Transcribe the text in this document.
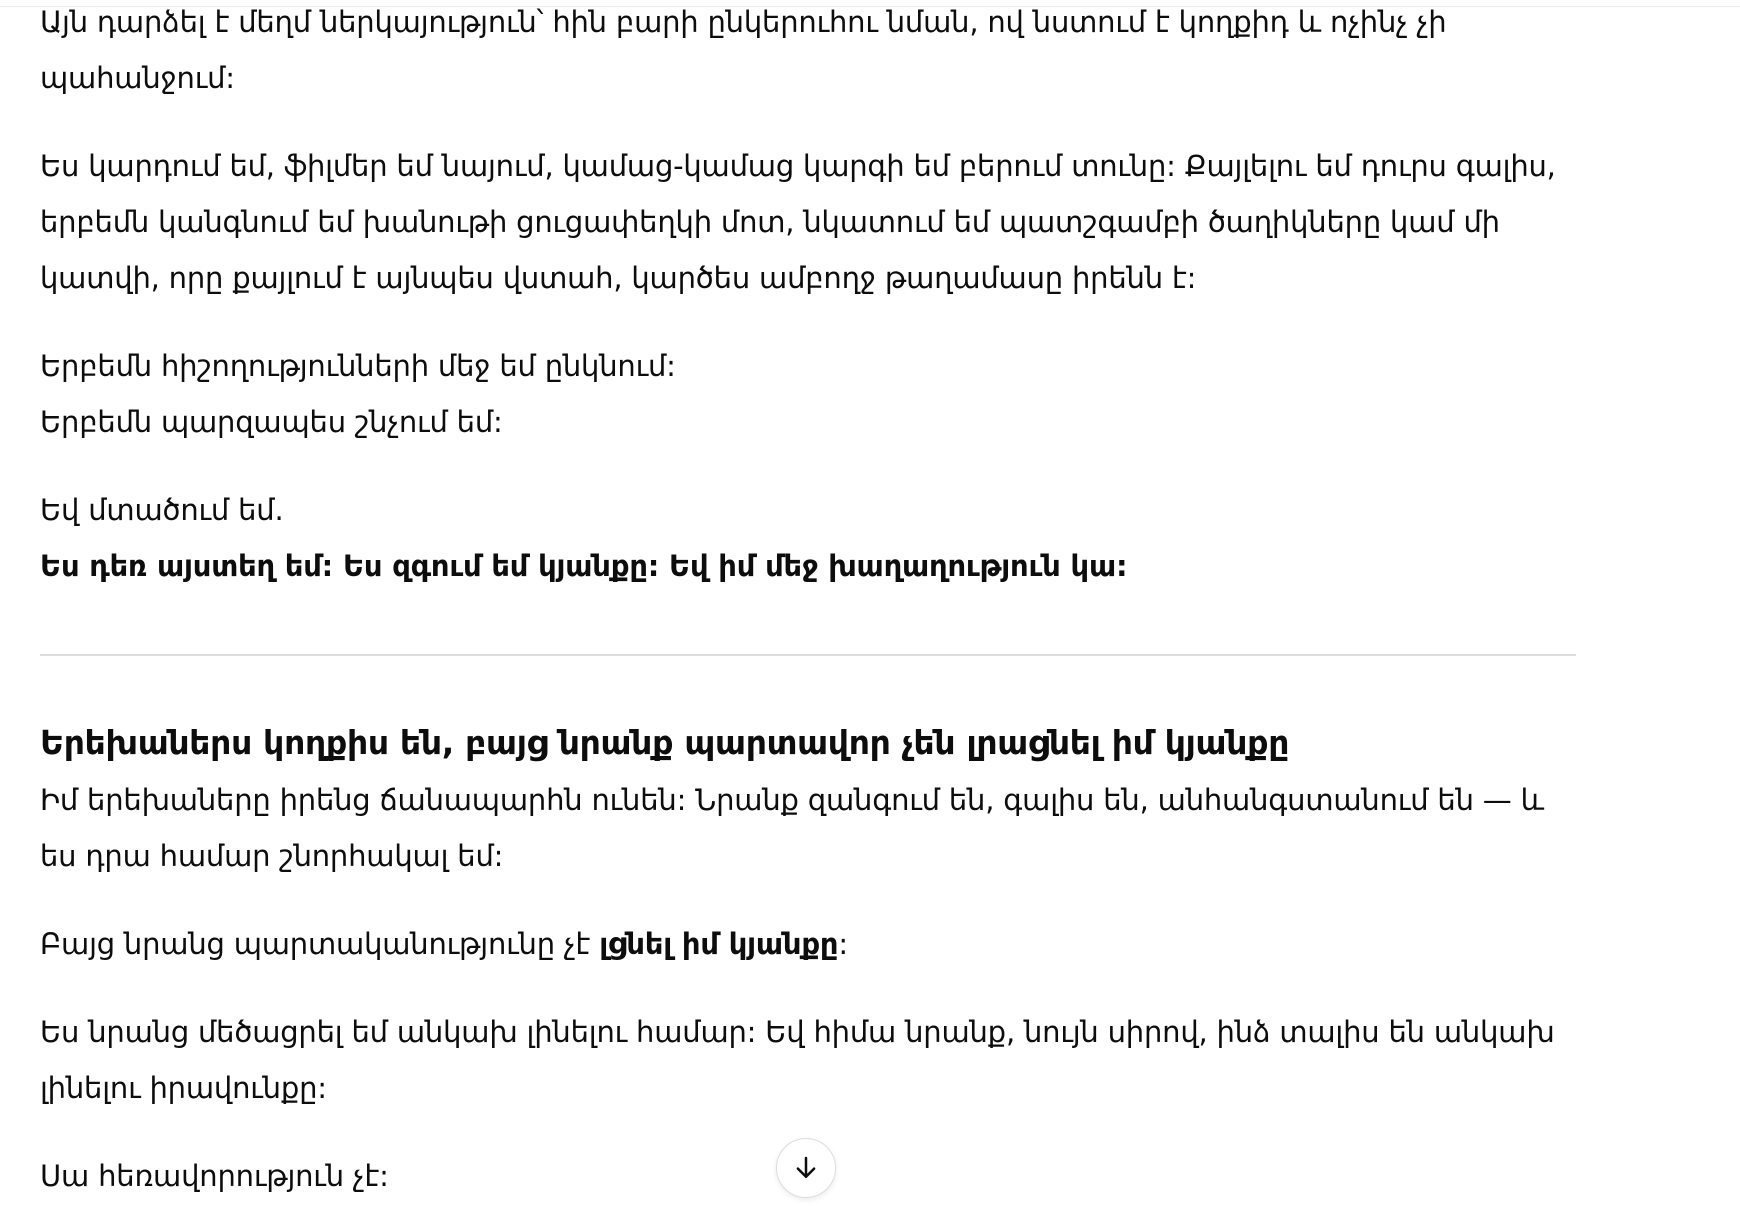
Այն դարձել է մեղմ ներկայություն՝ հին բարի ընկերուհու նման, ով նստում է կողքիդ և ոչինչ չի պահանջում:

Ես կարդում եմ, ֆիլմեր եմ նայում, կամաց-կամաց կարգի եմ բերում տունը: Քայլելու եմ դուրս գալիս, երբեմն կանգնում եմ խանութի ցուցափեղկի մոտ, նկատում եմ պատշգամբի ծաղիկները կամ մի կատվի, որը քայլում է այնպես վստահ, կարծես ամբողջ թաղամասը իրենն է:

Երբեմն հիշողությունների մեջ եմ ընկնում:

Երբեմն պարզապես շնչում եմ:

Եվ մտածում եմ.

Ես դեռ այստեղ եմ: Ես զգում եմ կյանքը: Եվ իմ մեջ խաղաղություն կա:

Երեխաներս կողքիս են, բայց նրանք պարտավոր չեն լրացնել իմ կյանքը

Իմ երեխաները իրենց ճանապարհն ունեն: Նրանք զանգում են, գալիս են, անհանգստանում են — և ես դրա համար շնորհակալ եմ:

Բայց նրանց պարտականությունը չէ լցնել իմ կյանքը:

Ես նրանց մեծացրել եմ անկախ լինելու համար: Եվ հիմա նրանք, նույն սիրով, ինձ տալիս են անկախ լինելու իրավունքը:

Սա հեռավորություն չէ:
